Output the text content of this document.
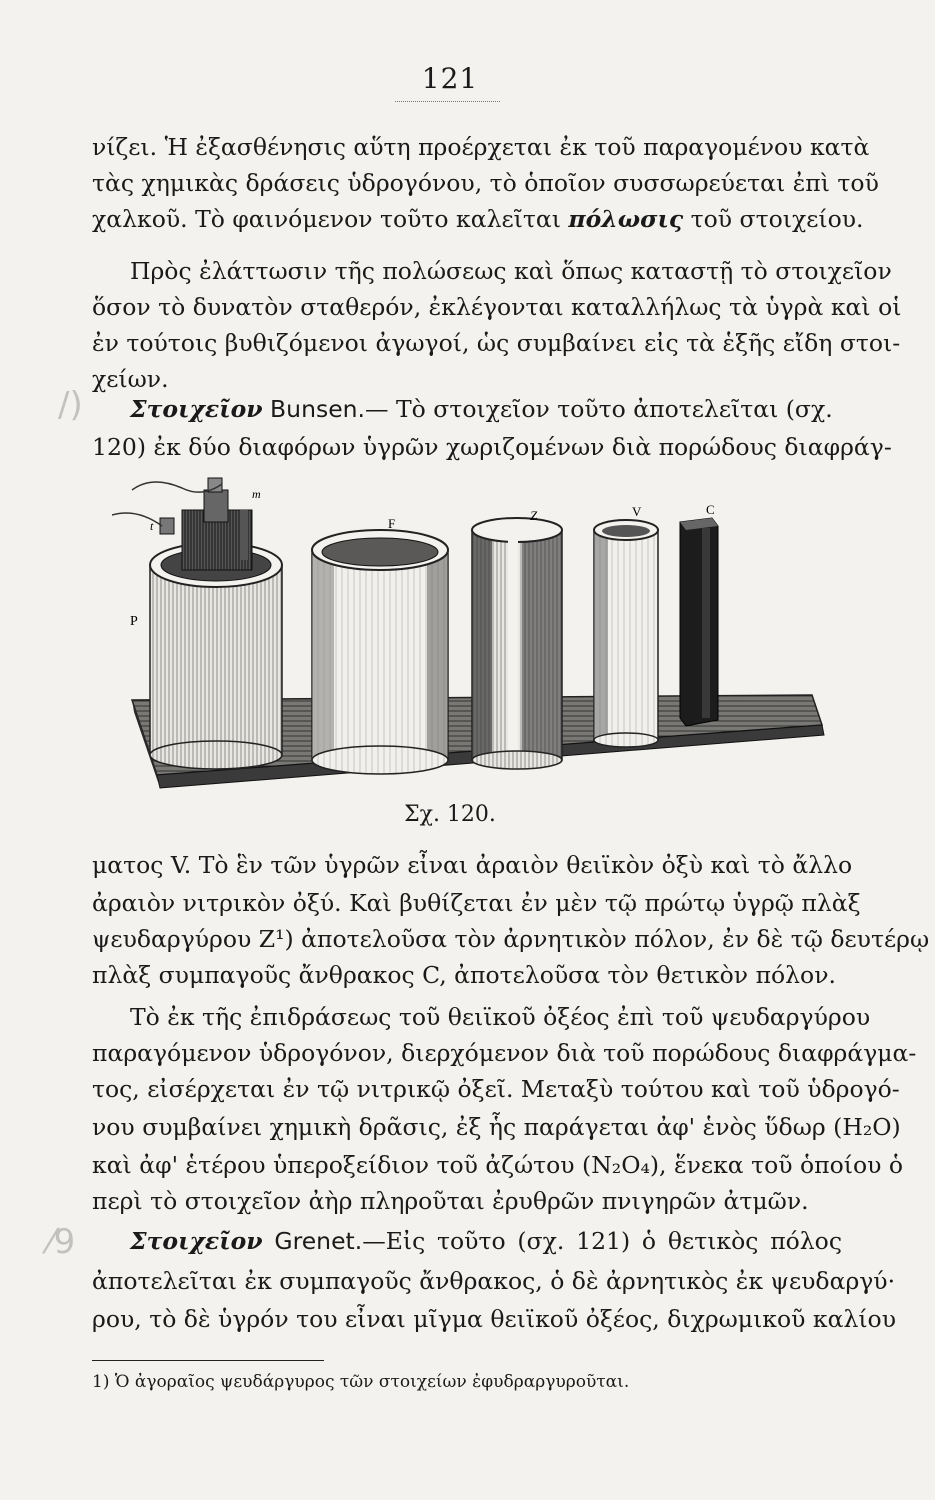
121
νίζει. Ἡ ἐξασθένησις αὕτη προέρχεται ἐκ τοῦ παραγομένου κατὰ
τὰς χημικὰς δράσεις ὑδρογόνου, τὸ ὁποῖον συσσωρεύεται ἐπὶ τοῦ
χαλκοῦ. Τὸ φαινόμενον τοῦτο καλεῖται πόλωσις τοῦ στοιχείου.
Πρὸς ἐλάττωσιν τῆς πολώσεως καὶ ὅπως καταστῇ τὸ στοιχεῖον
ὅσον τὸ δυνατὸν σταθερόν, ἐκλέγονται καταλλήλως τὰ ὑγρὰ καὶ οἱ
ἐν τούτοις βυθιζόμενοι ἀγωγοί, ὡς συμβαίνει εἰς τὰ ἑξῆς εἴδη στοι-
χείων.
Στοιχεῖον Bunsen.— Τὸ στοιχεῖον τοῦτο ἀποτελεῖται (σχ.
120) ἐκ δύο διαφόρων ὑγρῶν χωριζομένων διὰ πορώδους διαφράγ-
/)
P
F
Z	V	C
m
t
Σχ. 120.
ματος V. Τὸ ἓν τῶν ὑγρῶν εἶναι ἀραιὸν θειϊκὸν ὀξὺ καὶ τὸ ἄλλο
ἀραιὸν νιτρικὸν ὀξύ. Καὶ βυθίζεται ἐν μὲν τῷ πρώτῳ ὑγρῷ πλὰξ
ψευδαργύρου Z¹) ἀποτελοῦσα τὸν ἀρνητικὸν πόλον, ἐν δὲ τῷ δευτέρῳ
πλὰξ συμπαγοῦς ἄνθρακος C, ἀποτελοῦσα τὸν θετικὸν πόλον.
Τὸ ἐκ τῆς ἐπιδράσεως τοῦ θειϊκοῦ ὀξέος ἐπὶ τοῦ ψευδαργύρου
παραγόμενον ὑδρογόνον, διερχόμενον διὰ τοῦ πορώδους διαφράγμα-
τος, εἰσέρχεται ἐν τῷ νιτρικῷ ὀξεῖ. Μεταξὺ τούτου καὶ τοῦ ὑδρογό-
νου συμβαίνει χημικὴ δρᾶσις, ἐξ ἧς παράγεται ἀφ' ἑνὸς ὕδωρ (H₂O)
καὶ ἀφ' ἑτέρου ὑπεροξείδιον τοῦ ἀζώτου (N₂O₄), ἕνεκα τοῦ ὁποίου ὁ
περὶ τὸ στοιχεῖον ἀὴρ πληροῦται ἐρυθρῶν πνιγηρῶν ἀτμῶν.
Στοιχεῖον Grenet.—Εἰς τοῦτο (σχ. 121) ὁ θετικὸς πόλος
ἀποτελεῖται ἐκ συμπαγοῦς ἄνθρακος, ὁ δὲ ἀρνητικὸς ἐκ ψευδαργύ·
ρου, τὸ δὲ ὑγρόν του εἶναι μῖγμα θειϊκοῦ ὀξέος, διχρωμικοῦ καλίου
⁄9
1) Ὁ ἀγοραῖος ψευδάργυρος τῶν στοιχείων ἐφυδραργυροῦται.
